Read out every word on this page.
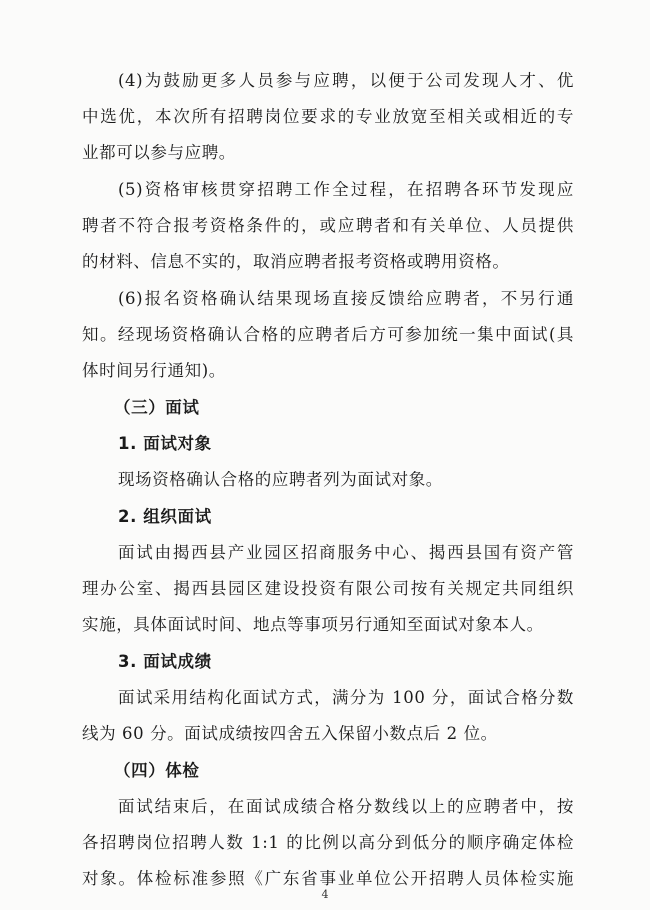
(4)为鼓励更多人员参与应聘，以便于公司发现人才、优
中选优，本次所有招聘岗位要求的专业放宽至相关或相近的专
业都可以参与应聘。
(5)资格审核贯穿招聘工作全过程，在招聘各环节发现应
聘者不符合报考资格条件的，或应聘者和有关单位、人员提供
的材料、信息不实的，取消应聘者报考资格或聘用资格。
(6)报名资格确认结果现场直接反馈给应聘者，不另行通
知。经现场资格确认合格的应聘者后方可参加统一集中面试(具
体时间另行通知)。
（三）面试
1. 面试对象
现场资格确认合格的应聘者列为面试对象。
2. 组织面试
面试由揭西县产业园区招商服务中心、揭西县国有资产管
理办公室、揭西县园区建设投资有限公司按有关规定共同组织
实施，具体面试时间、地点等事项另行通知至面试对象本人。
3. 面试成绩
面试采用结构化面试方式，满分为 100 分，面试合格分数
线为 60 分。面试成绩按四舍五入保留小数点后 2 位。
（四）体检
面试结束后，在面试成绩合格分数线以上的应聘者中，按
各招聘岗位招聘人数 1:1 的比例以高分到低分的顺序确定体检
对象。体检标准参照《广东省事业单位公开招聘人员体检实施
4
